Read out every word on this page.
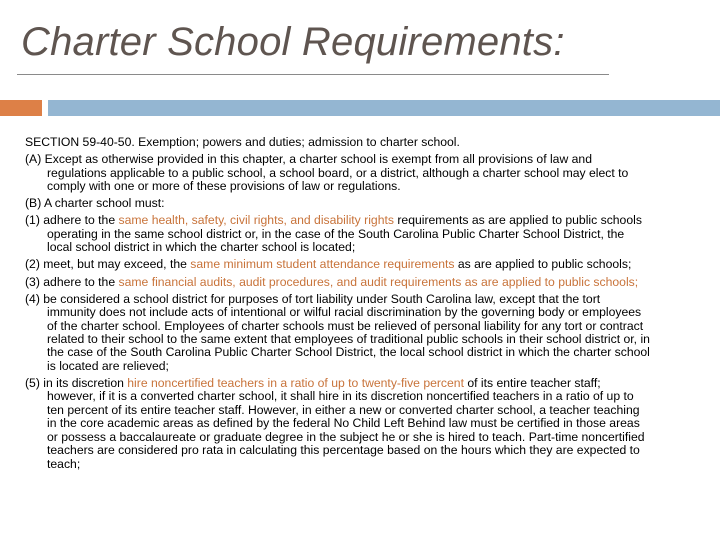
Charter School Requirements:

SECTION 59-40-50. Exemption; powers and duties; admission to charter school.

(A) Except as otherwise provided in this chapter, a charter school is exempt from all provisions of law and regulations applicable to a public school, a school board, or a district, although a charter school may elect to comply with one or more of these provisions of law or regulations.

(B) A charter school must:

(1) adhere to the same health, safety, civil rights, and disability rights requirements as are applied to public schools operating in the same school district or, in the case of the South Carolina Public Charter School District, the local school district in which the charter school is located;

(2) meet, but may exceed, the same minimum student attendance requirements as are applied to public schools;

(3) adhere to the same financial audits, audit procedures, and audit requirements as are applied to public schools;

(4) be considered a school district for purposes of tort liability under South Carolina law, except that the tort immunity does not include acts of intentional or wilful racial discrimination by the governing body or employees of the charter school. Employees of charter schools must be relieved of personal liability for any tort or contract related to their school to the same extent that employees of traditional public schools in their school district or, in the case of the South Carolina Public Charter School District, the local school district in which the charter school is located are relieved;

(5) in its discretion hire noncertified teachers in a ratio of up to twenty-five percent of its entire teacher staff; however, if it is a converted charter school, it shall hire in its discretion noncertified teachers in a ratio of up to ten percent of its entire teacher staff. However, in either a new or converted charter school, a teacher teaching in the core academic areas as defined by the federal No Child Left Behind law must be certified in those areas or possess a baccalaureate or graduate degree in the subject he or she is hired to teach. Part-time noncertified teachers are considered pro rata in calculating this percentage based on the hours which they are expected to teach;
